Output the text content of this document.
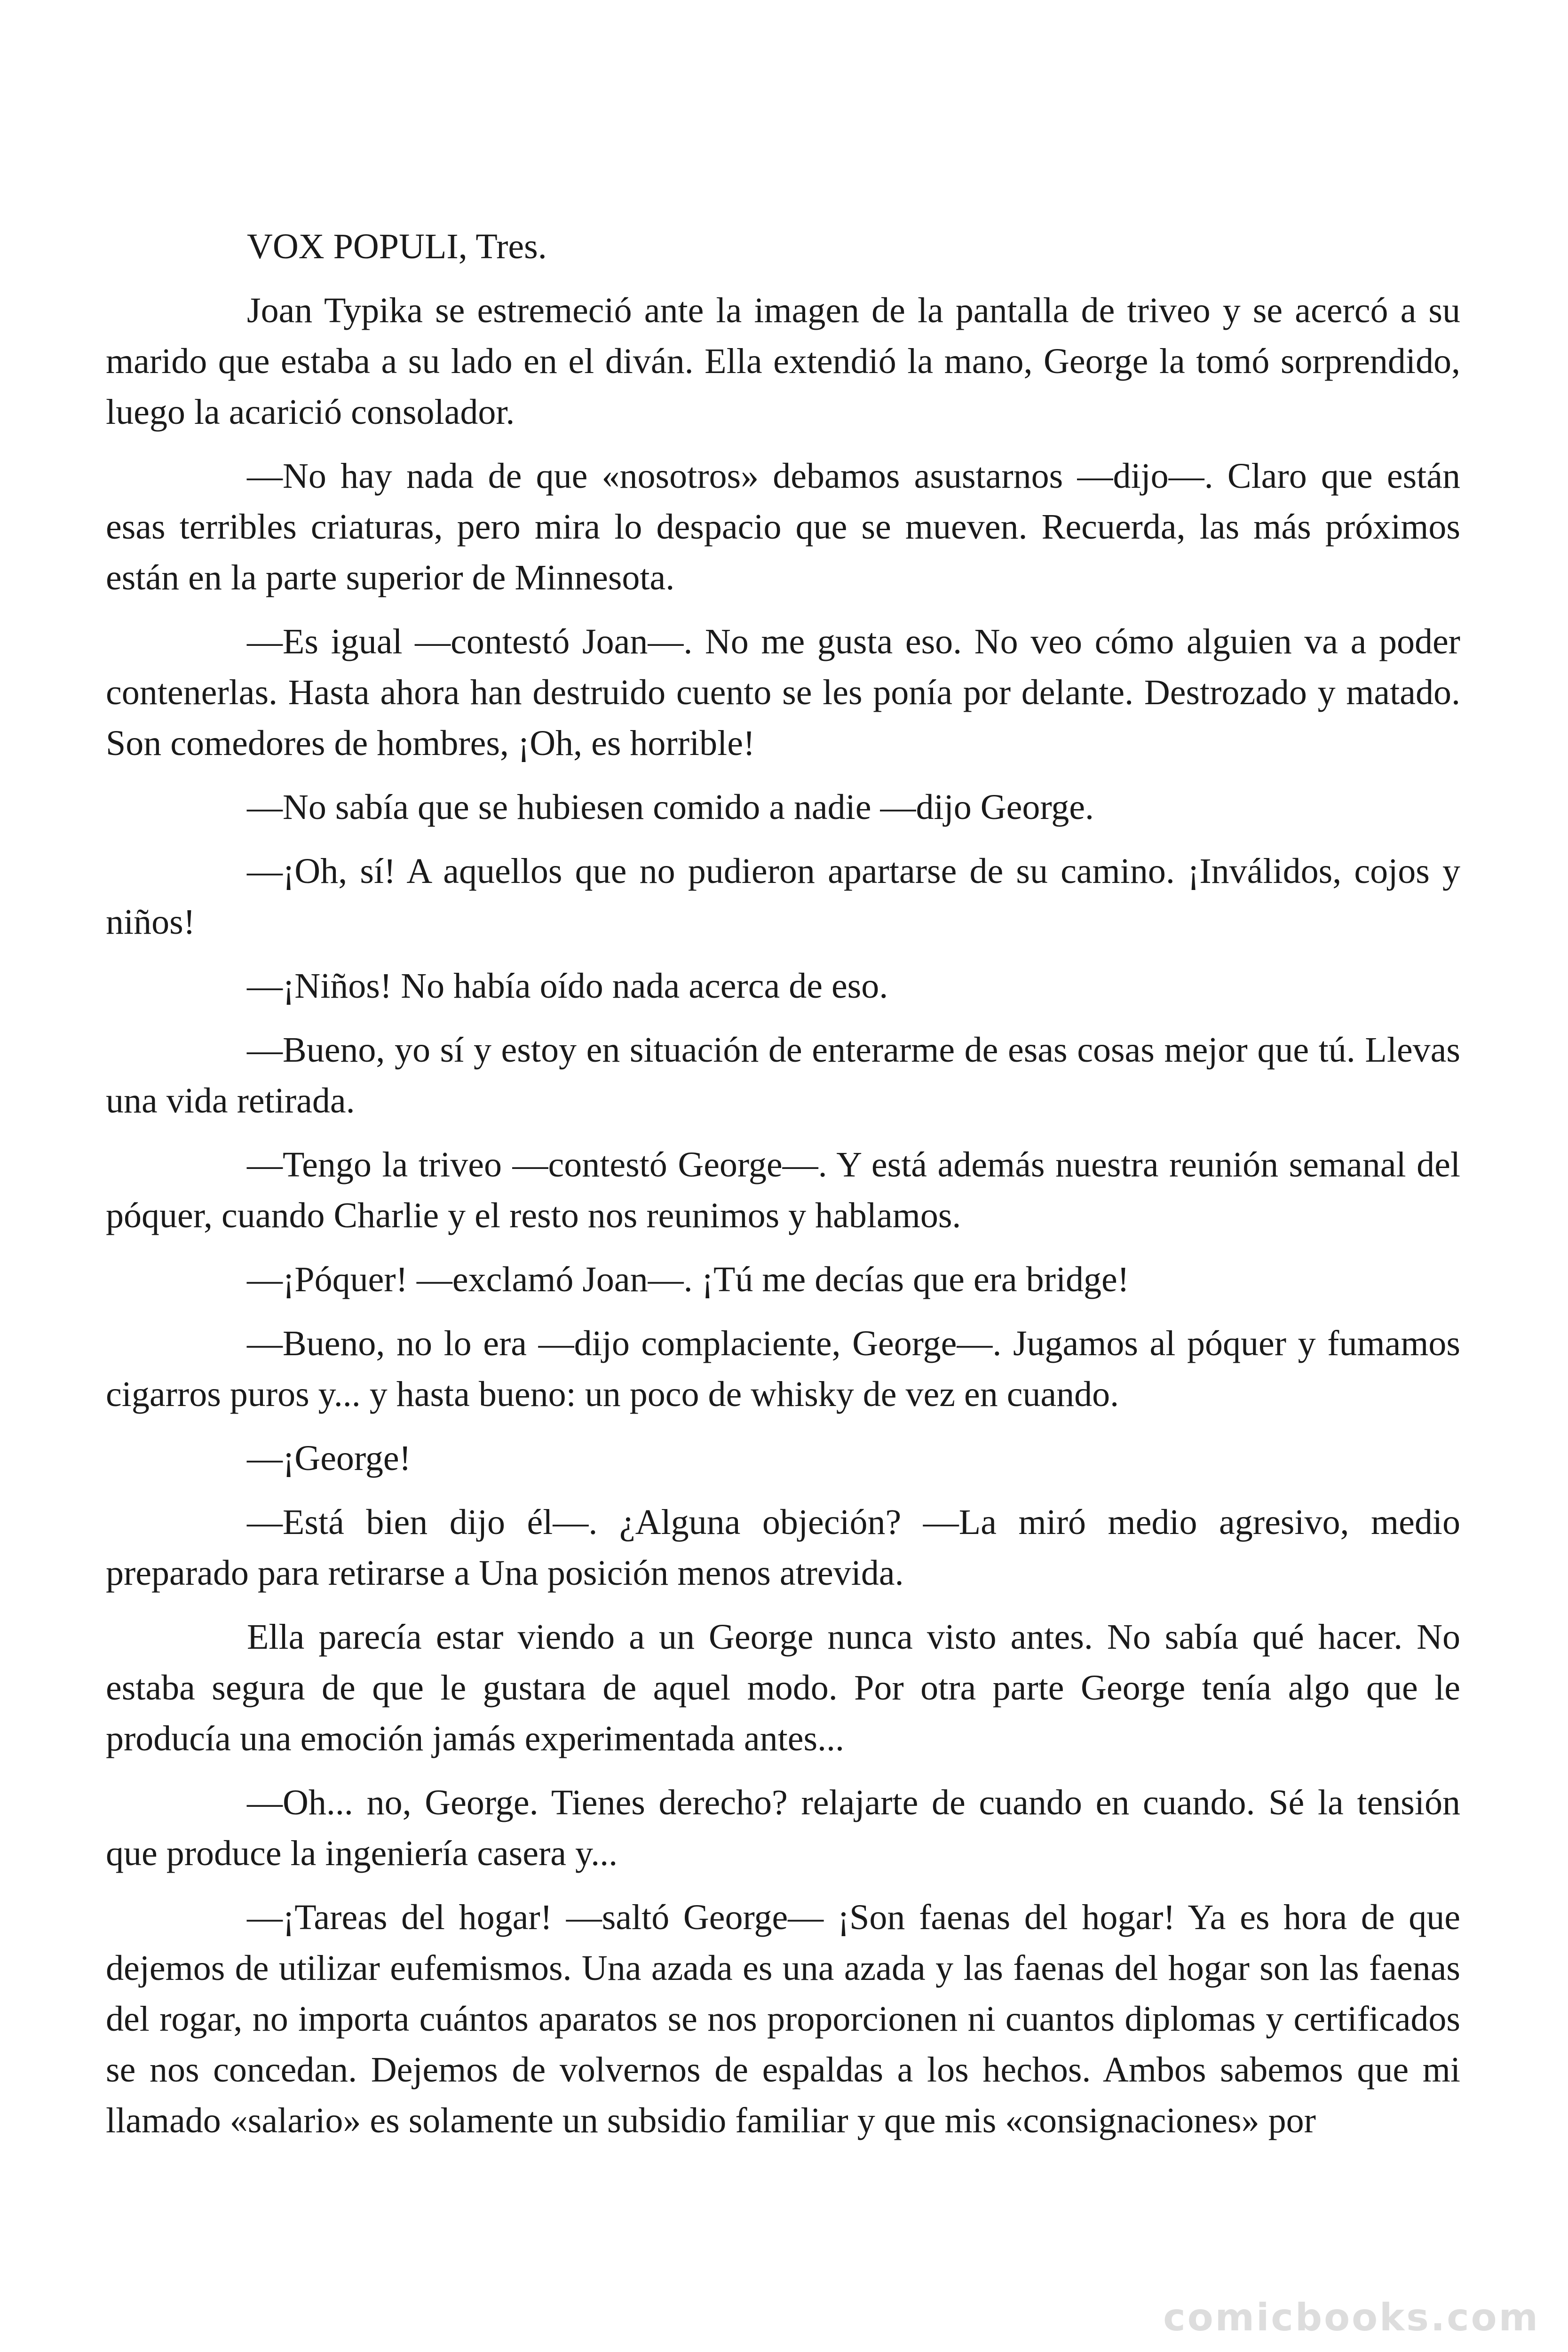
VOX POPULI, Tres.

Joan Typika se estremeció ante la imagen de la pantalla de triveo y se acercó a su marido que estaba a su lado en el diván. Ella extendió la mano, George la tomó sorprendido, luego la acarició consolador.

—No hay nada de que «nosotros» debamos asustarnos —dijo—. Claro que están esas terribles criaturas, pero mira lo despacio que se mueven. Recuerda, las más próximos están en la parte superior de Minnesota.

—Es igual —contestó Joan—. No me gusta eso. No veo cómo alguien va a poder contenerlas. Hasta ahora han destruido cuento se les ponía por delante. Destrozado y matado. Son comedores de hombres, ¡Oh, es horrible!

—No sabía que se hubiesen comido a nadie —dijo George.

—¡Oh, sí! A aquellos que no pudieron apartarse de su camino. ¡Inválidos, cojos y niños!

—¡Niños! No había oído nada acerca de eso.

—Bueno, yo sí y estoy en situación de enterarme de esas cosas mejor que tú. Llevas una vida retirada.

—Tengo la triveo —contestó George—. Y está además nuestra reunión semanal del póquer, cuando Charlie y el resto nos reunimos y hablamos.

—¡Póquer! —exclamó Joan—. ¡Tú me decías que era bridge!

—Bueno, no lo era —dijo complaciente, George—. Jugamos al póquer y fumamos cigarros puros y... y hasta bueno: un poco de whisky de vez en cuando.

—¡George!

—Está bien dijo él—. ¿Alguna objeción? —La miró medio agresivo, medio preparado para retirarse a Una posición menos atrevida.

Ella parecía estar viendo a un George nunca visto antes. No sabía qué hacer. No estaba segura de que le gustara de aquel modo. Por otra parte George tenía algo que le producía una emoción jamás experimentada antes...

—Oh... no, George. Tienes derecho? relajarte de cuando en cuando. Sé la tensión que produce la ingeniería casera y...

—¡Tareas del hogar! —saltó George— ¡Son faenas del hogar! Ya es hora de que dejemos de utilizar eufemismos. Una azada es una azada y las faenas del hogar son las faenas del rogar, no importa cuántos aparatos se nos proporcionen ni cuantos diplomas y certificados se nos concedan. Dejemos de volvernos de espaldas a los hechos. Ambos sabemos que mi llamado «salario» es solamente un subsidio familiar y que mis «consignaciones» por

comicbooks.com
